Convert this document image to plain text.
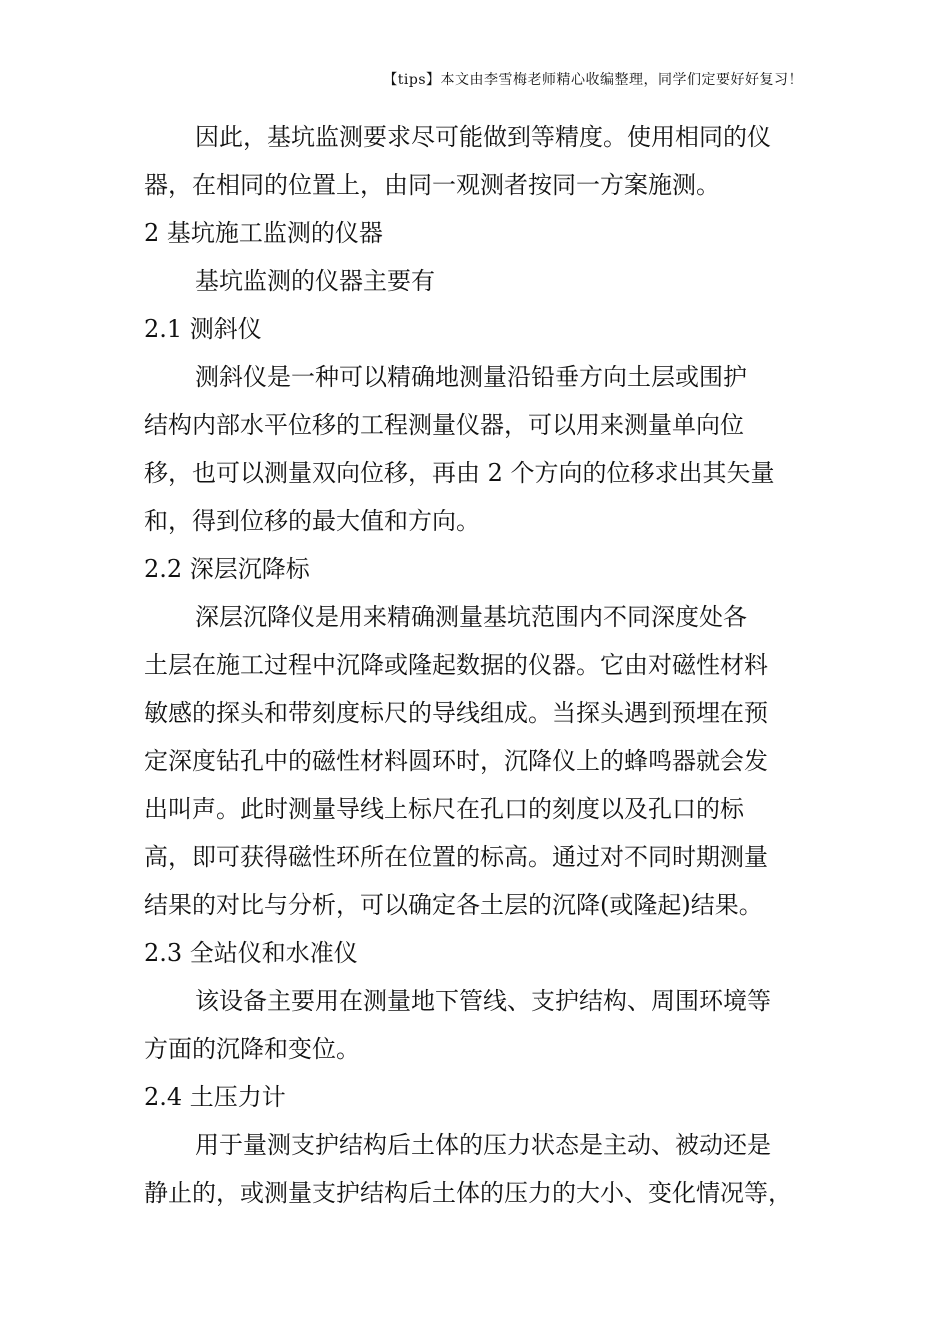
【tips】本文由李雪梅老师精心收编整理，同学们定要好好复习！
因此，基坑监测要求尽可能做到等精度。使用相同的仪
器，在相同的位置上，由同一观测者按同一方案施测。
2 基坑施工监测的仪器
基坑监测的仪器主要有
2.1 测斜仪
测斜仪是一种可以精确地测量沿铅垂方向土层或围护
结构内部水平位移的工程测量仪器，可以用来测量单向位
移，也可以测量双向位移，再由 2 个方向的位移求出其矢量
和，得到位移的最大值和方向。
2.2 深层沉降标
深层沉降仪是用来精确测量基坑范围内不同深度处各
土层在施工过程中沉降或隆起数据的仪器。它由对磁性材料
敏感的探头和带刻度标尺的导线组成。当探头遇到预埋在预
定深度钻孔中的磁性材料圆环时，沉降仪上的蜂鸣器就会发
出叫声。此时测量导线上标尺在孔口的刻度以及孔口的标
高，即可获得磁性环所在位置的标高。通过对不同时期测量
结果的对比与分析，可以确定各土层的沉降(或隆起)结果。
2.3 全站仪和水准仪
该设备主要用在测量地下管线、支护结构、周围环境等
方面的沉降和变位。
2.4 土压力计
用于量测支护结构后土体的压力状态是主动、被动还是
静止的，或测量支护结构后土体的压力的大小、变化情况等，
